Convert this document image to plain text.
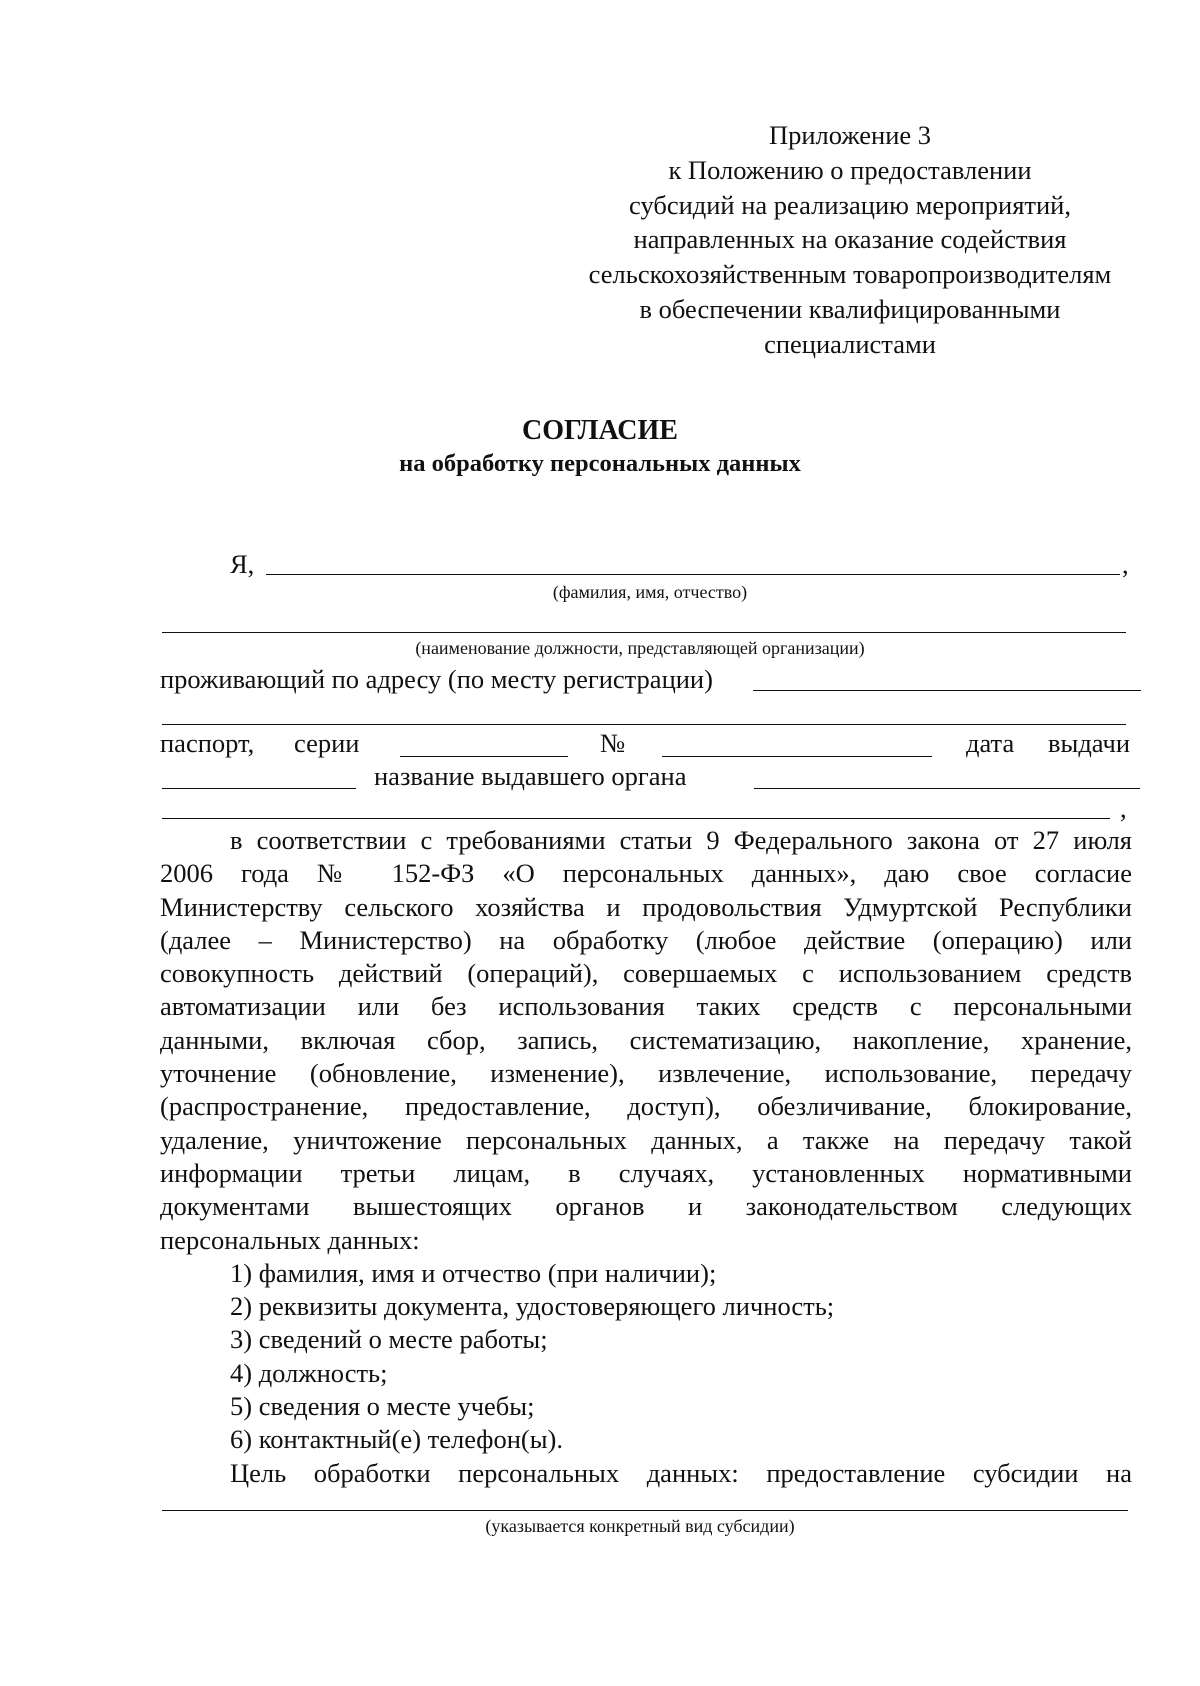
Приложение 3
к Положению о предоставлении
субсидий на реализацию мероприятий,
направленных на оказание содействия
сельскохозяйственным товаропроизводителям
в обеспечении квалифицированными
специалистами
СОГЛАСИЕ
на обработку персональных данных
Я,	,
(фамилия, имя, отчество)
(наименование должности, представляющей организации)
проживающий по адресу (по месту регистрации)
паспорт, серии	№	дата выдачи
название выдавшего органа
,

в соответствии с требованиями статьи 9 Федерального закона от 27 июля

2006 года № 152-ФЗ «О персональных данных», даю свое согласие

Министерству сельского хозяйства и продовольствия Удмуртской Республики

(далее – Министерство) на обработку (любое действие (операцию) или

совокупность действий (операций), совершаемых с использованием средств

автоматизации или без использования таких средств с персональными

данными, включая сбор, запись, систематизацию, накопление, хранение,

уточнение (обновление, изменение), извлечение, использование, передачу

(распространение, предоставление, доступ), обезличивание, блокирование,

удаление, уничтожение персональных данных, а также на передачу такой

информации третьи лицам, в случаях, установленных нормативными

документами вышестоящих органов и законодательством следующих

персональных данных:

1) фамилия, имя и отчество (при наличии);

2) реквизиты документа, удостоверяющего личность;

3) сведений о месте работы;

4) должность;

5) сведения о месте учебы;

6) контактный(е) телефон(ы).

Цель обработки персональных данных: предоставление субсидии на

(указывается конкретный вид субсидии)
